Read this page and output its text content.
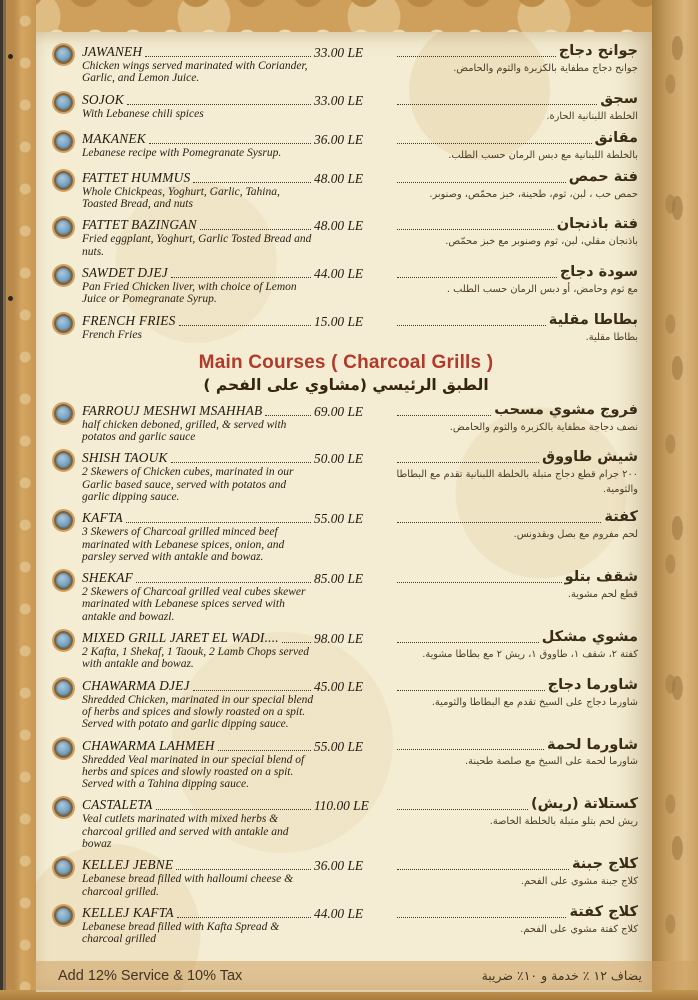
JAWANEH
Chicken wings served marinated with Coriander, Garlic, and Lemon Juice.
33.00 LE	جوانح دجاج
جوانح دجاج مطفاية بالكزبرة والثوم والحامض.
SOJOK
With Lebanese chili spices
33.00 LE	سجق
الخلطة اللبنانية الحارة.
MAKANEK
Lebanese recipe with Pomegranate Sysrup.
36.00 LE	مقانق
بالخلطة اللبنانية مع دبس الرمان حسب الطلب.
FATTET HUMMUS
Whole Chickpeas, Yoghurt, Garlic, Tahina, Toasted Bread, and nuts
48.00 LE	فتة حمص
حمص حب ، لبن، ثوم، طحينة، خبز محمّص، وصنوبر.
FATTET BAZINGAN
Fried eggplant, Yoghurt, Garlic Tosted Bread and nuts.
48.00 LE	فتة باذنجان
باذنجان مقلي، لبن، ثوم وصنوبر مع خبز محمّص.
SAWDET DJEJ
Pan Fried Chicken liver, with choice of Lemon Juice or Pomegranate Syrup.
44.00 LE	سودة دجاج
مع ثوم وحامض، أو دبس الرمان حسب الطلب .
FRENCH FRIES
French Fries
15.00 LE	بطاطا مقلية
بطاطا مقلية.
Main Courses ( Charcoal Grills )
الطبق الرئيسي (مشاوي على الفحم )
FARROUJ MESHWI MSAHHAB
half chicken deboned, grilled, & served with potatos and garlic sauce
69.00 LE	فروج مشوي مسحب
نصف دجاجة مطفاية بالكزبرة والثوم والحامض.
SHISH TAOUK
2 Skewers of Chicken cubes, marinated in our Garlic based sauce, served with potatos and garlic dipping sauce.
50.00 LE	شيش طاووق
٢٠٠ جرام قطع دجاج متبلة بالخلطة اللبنانية تقدم مع البطاطا والثومية.
KAFTA
3 Skewers of Charcoal grilled minced beef marinated with Lebanese spices, onion, and parsley served with antakle and bowaz.
55.00 LE	كفتة
لحم مفروم مع بصل وبقدونس.
SHEKAF
2 Skewers of Charcoal grilled veal cubes skewer marinated with Lebanese spices served with antakle and bowazl.
85.00 LE	شقف بتلو
قطع لحم مشوية.
MIXED GRILL JARET EL WADI....
2 Kafta, 1 Shekaf, 1 Taouk, 2 Lamb Chops served with antakle and bowaz.
98.00 LE	مشوي مشكل
كفتة ٢، شقف ١، طاووق ١، ريش ٢ مع بطاطا مشوية.
CHAWARMA DJEJ
Shredded Chicken, marinated in our special blend of herbs and spices and slowly roasted on a spit. Served with potato and garlic dipping sauce.
45.00 LE	شاورما دجاج
شاورما دجاج على السيخ تقدم مع البطاطا والثومية.
CHAWARMA LAHMEH
Shredded Veal marinated in our special blend of herbs and spices and slowly roasted on a spit. Served with a Tahina dipping sauce.
55.00 LE	شاورما لحمة
شاورما لحمة على السيخ مع صلصة طحينة.
CASTALETA
Veal cutlets marinated with mixed herbs & charcoal grilled and served with antakle and bowaz
110.00 LE	كستلاتة (ريش)
ريش لحم بتلو متبلة بالخلطة الخاصة.
KELLEJ JEBNE
Lebanese bread filled with halloumi cheese & charcoal grilled.
36.00 LE	كلاج جبنة
كلاج جبنة مشوي على الفحم.
KELLEJ KAFTA
Lebanese bread filled with Kafta Spread & charcoal grilled
44.00 LE	كلاج كفتة
كلاج كفتة مشوي على الفحم.
Add 12% Service & 10% Tax	يضاف ١٢ ٪ خدمة و ١٠٪ ضريبة
